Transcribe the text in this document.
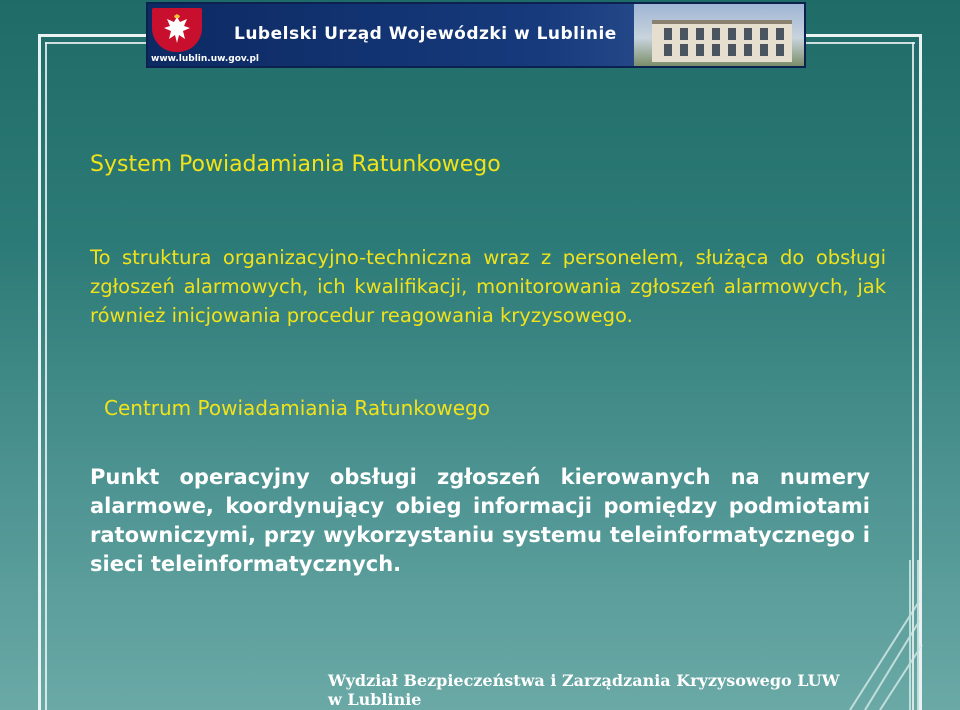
Lubelski Urząd Wojewódzki w Lublinie
www.lublin.uw.gov.pl
System Powiadamiania Ratunkowego
To struktura organizacyjno-techniczna wraz z personelem, służąca do obsługi zgłoszeń alarmowych, ich kwalifikacji, monitorowania zgłoszeń alarmowych, jak również inicjowania procedur reagowania kryzysowego.
Centrum Powiadamiania Ratunkowego
Punkt operacyjny obsługi zgłoszeń kierowanych na numery alarmowe, koordynujący obieg informacji pomiędzy podmiotami ratowniczymi, przy wykorzystaniu systemu teleinformatycznego i sieci teleinformatycznych.
Wydział Bezpieczeństwa i Zarządzania Kryzysowego LUW
w Lublinie
